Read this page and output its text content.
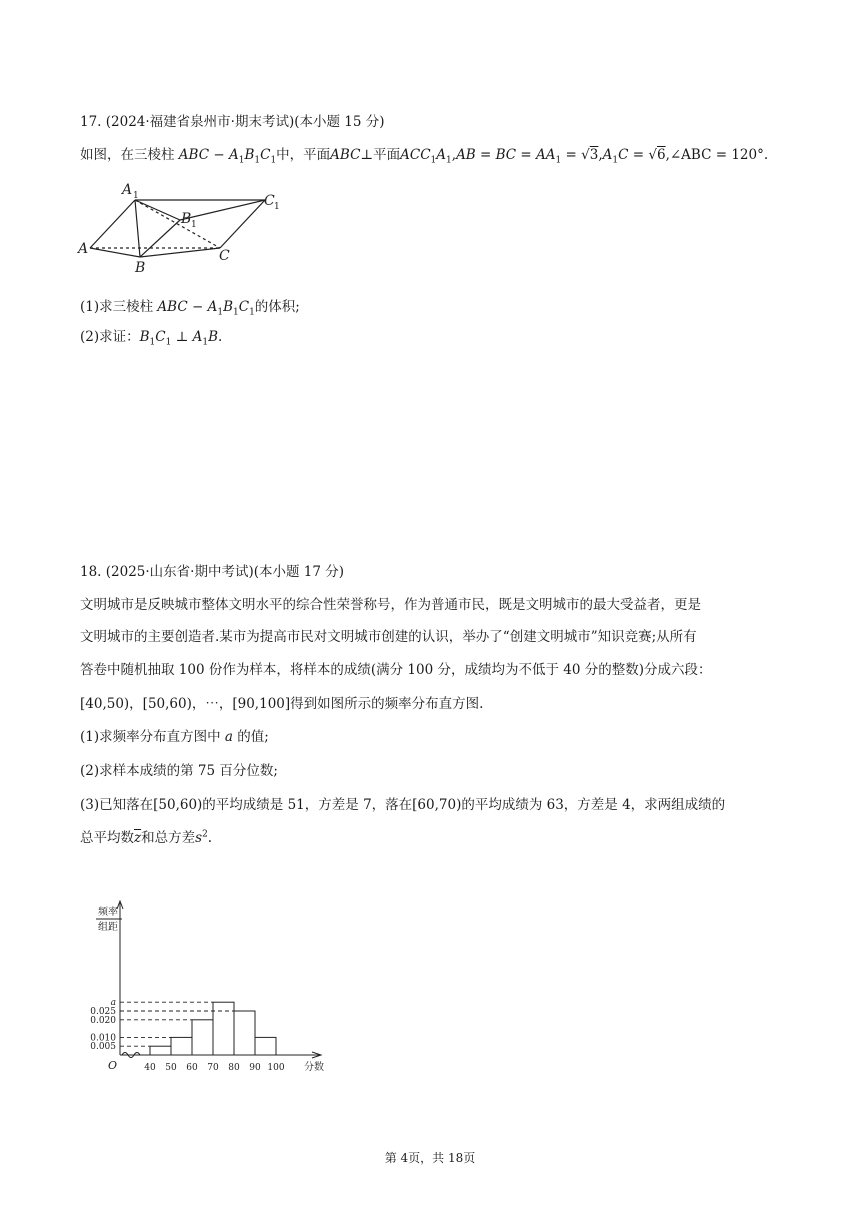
17. (2024·福建省泉州市·期末考试)(本小题 15 分)
如图，在三棱柱 ABC − $A_1B_1C_1$中，平面ABC⊥平面$ACC_1A_1,AB$ = BC = $AA_1 = √3,A_1C$ = √6,∠ABC = 120°.
A 1
B 1
C 1
A
B
C
(1)求三棱柱 ABC − $A_1B_1C_1$的体积;
(2)求证：$B_1C_1$ ⊥ $A_1B$.
18. (2025·山东省·期中考试)(本小题 17 分)
文明城市是反映城市整体文明水平的综合性荣誉称号，作为普通市民，既是文明城市的最大受益者，更是
文明城市的主要创造者.某市为提高市民对文明城市创建的认识，举办了“创建文明城市”知识竞赛;从所有
答卷中随机抽取 100 份作为样本，将样本的成绩(满分 100 分，成绩均为不低于 40 分的整数)分成六段：
[40,50)，[50,60)，⋯，[90,100]得到如图所示的频率分布直方图.
(1)求频率分布直方图中 a 的值;
(2)求样本成绩的第 75 百分位数;
(3)已知落在[50,60)的平均成绩是 51，方差是 7，落在[60,70)的平均成绩为 63，方差是 4，求两组成绩的
总平均数$\overline{z}$和总方差$s^2$.
频率
组距
O
0.005
0.010
0.020
0.025
a
40 50 60 70 80 90 100 分数
第 4页，共 18页
